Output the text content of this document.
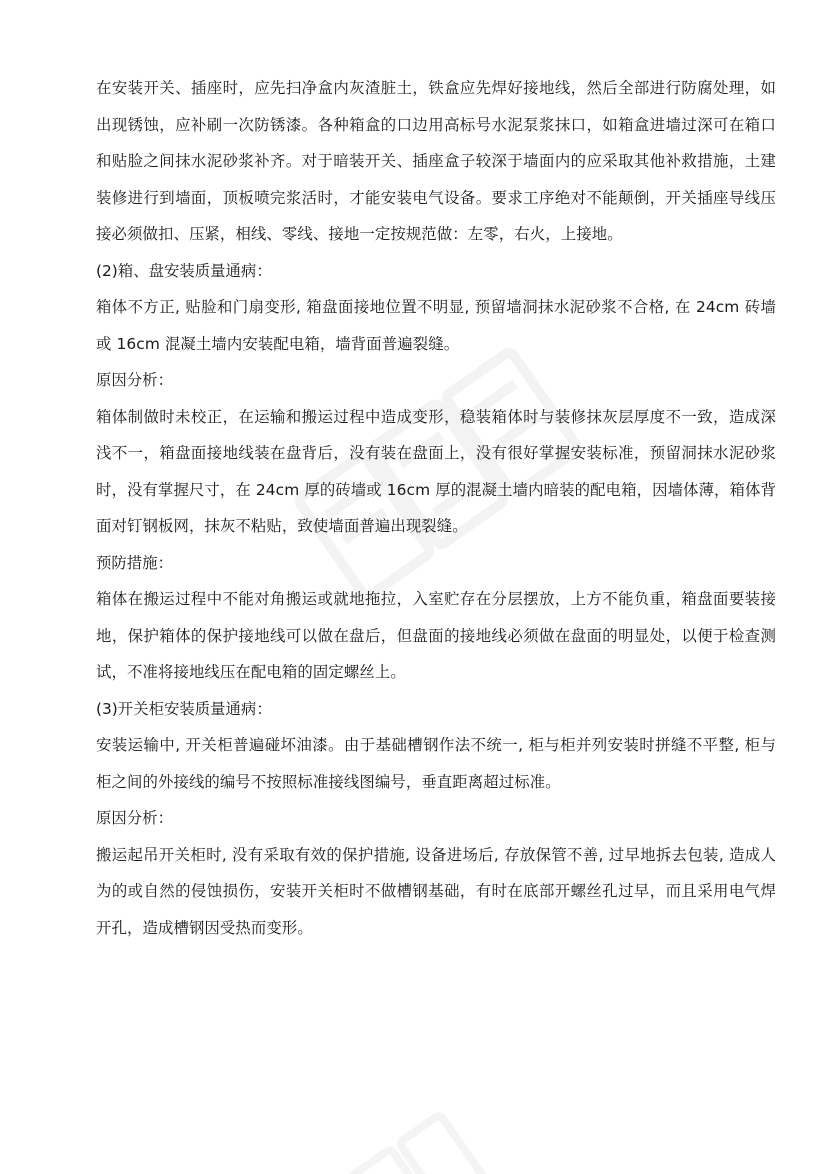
在安装开关、插座时，应先扫净盒内灰渣脏土，铁盒应先焊好接地线，然后全部进行防腐处理，如出现锈蚀，应补刷一次防锈漆。各种箱盒的口边用高标号水泥泵浆抹口，如箱盒进墙过深可在箱口和贴脸之间抹水泥砂浆补齐。对于暗装开关、插座盒子较深于墙面内的应采取其他补救措施，土建装修进行到墙面，顶板喷完浆活时，才能安装电气设备。要求工序绝对不能颠倒，开关插座导线压接必须做扣、压紧，相线、零线、接地一定按规范做：左零，右火，上接地。

(2)箱、盘安装质量通病：

箱体不方正, 贴脸和门扇变形, 箱盘面接地位置不明显, 预留墙洞抹水泥砂浆不合格, 在 24cm 砖墙或 16cm 混凝土墙内安装配电箱，墙背面普遍裂缝。

原因分析：

箱体制做时未校正，在运输和搬运过程中造成变形，稳装箱体时与装修抹灰层厚度不一致，造成深浅不一，箱盘面接地线装在盘背后，没有装在盘面上，没有很好掌握安装标准，预留洞抹水泥砂浆时，没有掌握尺寸，在 24cm 厚的砖墙或 16cm 厚的混凝土墙内暗装的配电箱，因墙体薄，箱体背面对钉钢板网，抹灰不粘贴，致使墙面普遍出现裂缝。

预防措施：

箱体在搬运过程中不能对角搬运或就地拖拉，入室贮存在分层摆放，上方不能负重，箱盘面要装接地，保护箱体的保护接地线可以做在盘后，但盘面的接地线必须做在盘面的明显处，以便于检查测试，不准将接地线压在配电箱的固定螺丝上。

(3)开关柜安装质量通病：

安装运输中, 开关柜普遍碰坏油漆。由于基础槽钢作法不统一, 柜与柜并列安装时拼缝不平整, 柜与柜之间的外接线的编号不按照标准接线图编号，垂直距离超过标准。

原因分析：

搬运起吊开关柜时, 没有采取有效的保护措施, 设备进场后, 存放保管不善, 过早地拆去包装, 造成人为的或自然的侵蚀损伤，安装开关柜时不做槽钢基础，有时在底部开螺丝孔过早，而且采用电气焊开孔，造成槽钢因受热而变形。
